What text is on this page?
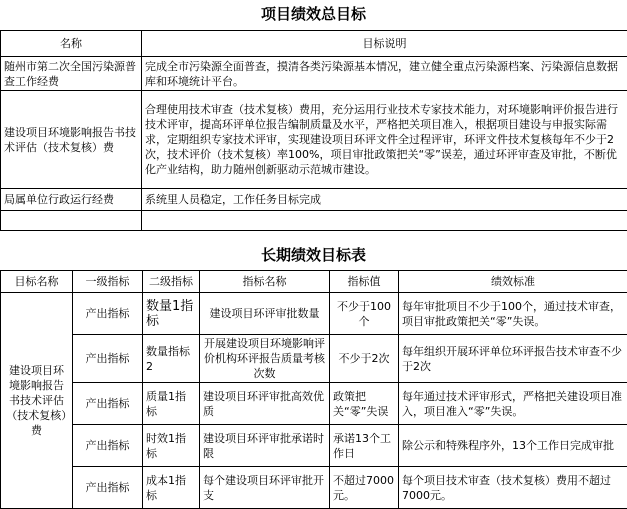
项目绩效总目标
名称	目标说明
随州市第二次全国污染源普查工作经费	完成全市污染源全面普查，摸清各类污染源基本情况，建立健全重点污染源档案、污染源信息数据库和环境统计平台。
建设项目环境影响报告书技术评估（技术复核）费	合理使用技术审查（技术复核）费用，充分运用行业技术专家技术能力，对环境影响评价报告进行技术评审，提高环评单位报告编制质量及水平，严格把关项目准入，根据项目建设与申报实际需求，定期组织专家技术评审，实现建设项目环评文件全过程评审，环评文件技术复核每年不少于2次，技术评价（技术复核）率100%，项目审批政策把关“零”误差，通过环评审查及审批，不断优化产业结构，助力随州创新驱动示范城市建设。
局属单位行政运行经费	系统里人员稳定，工作任务目标完成

长期绩效目标表
目标名称	一级指标	二级指标	指标名称	指标值	绩效标准
建设项目环境影响报告书技术评估（技术复核）费	产出指标	数量1指标	建设项目环评审批数量	不少于100个	每年审批项目不少于100个，通过技术审查，项目审批政策把关“零”失误。
	产出指标	数量指标2	开展建设项目环境影响评价机构环评报告质量考核次数	不少于2次	每年组织开展环评单位环评报告技术审查不少于2次
	产出指标	质量1指标	建设项目环评审批高效优质	政策把关“零”失误	每年通过技术评审形式，严格把关建设项目准入，项目准入“零”失误。
	产出指标	时效1指标	建设项目环评审批承诺时限	承诺13个工作日	除公示和特殊程序外，13个工作日完成审批
	产出指标	成本1指标	每个建设项目环评审批开支	不超过7000元。	每个项目技术审查（技术复核）费用不超过7000元。
